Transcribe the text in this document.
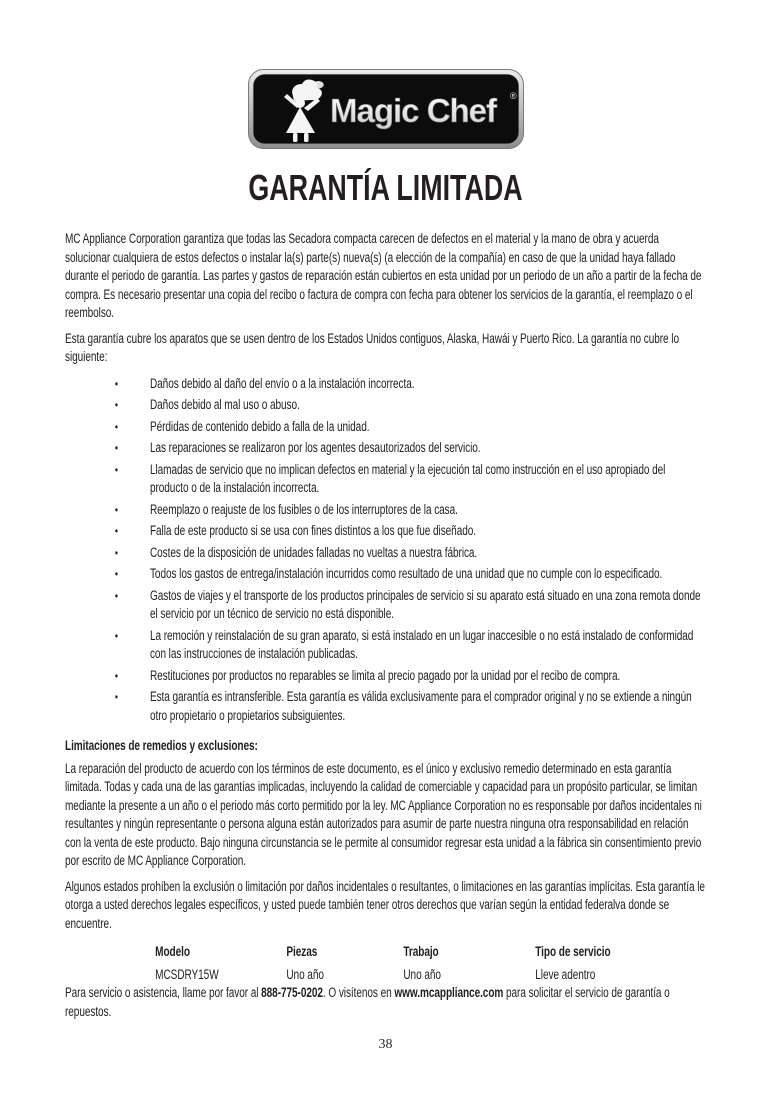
Magic Chef ®
GARANTÍA LIMITADA

MC Appliance Corporation garantiza que todas las Secadora compacta carecen de defectos en el material y la mano de obra y acuerda solucionar cualquiera de estos defectos o instalar la(s) parte(s) nueva(s) (a elección de la compañía) en caso de que la unidad haya fallado durante el periodo de garantía. Las partes y gastos de reparación están cubiertos en esta unidad por un periodo de un año a partir de la fecha de compra. Es necesario presentar una copia del recibo o factura de compra con fecha para obtener los servicios de la garantía, el reemplazo o el reembolso.

Esta garantía cubre los aparatos que se usen dentro de los Estados Unidos contiguos, Alaska, Hawái y Puerto Rico. La garantía no cubre lo siguiente:

• Daños debido al daño del envío o a la instalación incorrecta.
• Daños debido al mal uso o abuso.
• Pérdidas de contenido debido a falla de la unidad.
• Las reparaciones se realizaron por los agentes desautorizados del servicio.
• Llamadas de servicio que no implican defectos en material y la ejecución tal como instrucción en el uso apropiado del producto o de la instalación incorrecta.
• Reemplazo o reajuste de los fusibles o de los interruptores de la casa.
• Falla de este producto si se usa con fines distintos a los que fue diseñado.
• Costes de la disposición de unidades falladas no vueltas a nuestra fábrica.
• Todos los gastos de entrega/instalación incurridos como resultado de una unidad que no cumple con lo especificado.
• Gastos de viajes y el transporte de los productos principales de servicio si su aparato está situado en una zona remota donde el servicio por un técnico de servicio no está disponible.
• La remoción y reinstalación de su gran aparato, si está instalado en un lugar inaccesible o no está instalado de conformidad con las instrucciones de instalación publicadas.
• Restituciones por productos no reparables se limita al precio pagado por la unidad por el recibo de compra.
• Esta garantía es intransferible. Esta garantía es válida exclusivamente para el comprador original y no se extiende a ningún otro propietario o propietarios subsiguientes.
Limitaciones de remedios y exclusiones:

La reparación del producto de acuerdo con los términos de este documento, es el único y exclusivo remedio determinado en esta garantía limitada. Todas y cada una de las garantías implicadas, incluyendo la calidad de comerciable y capacidad para un propósito particular, se limitan mediante la presente a un año o el periodo más corto permitido por la ley. MC Appliance Corporation no es responsable por daños incidentales ni resultantes y ningún representante o persona alguna están autorizados para asumir de parte nuestra ninguna otra responsabilidad en relación con la venta de este producto. Bajo ninguna circunstancia se le permite al consumidor regresar esta unidad a la fábrica sin consentimiento previo por escrito de MC Appliance Corporation.

Algunos estados prohíben la exclusión o limitación por daños incidentales o resultantes, o limitaciones en las garantías implícitas. Esta garantía le otorga a usted derechos legales específicos, y usted puede también tener otros derechos que varían según la entidad federalva donde se encuentre.

Modelo	Piezas	Trabajo	Tipo de servicio
MCSDRY15W	Uno año	Uno año	Lleve adentro

Para servicio o asistencia, llame por favor al 888-775-0202. O visítenos en www.mcappliance.com para solicitar el servicio de garantía o repuestos.

38
